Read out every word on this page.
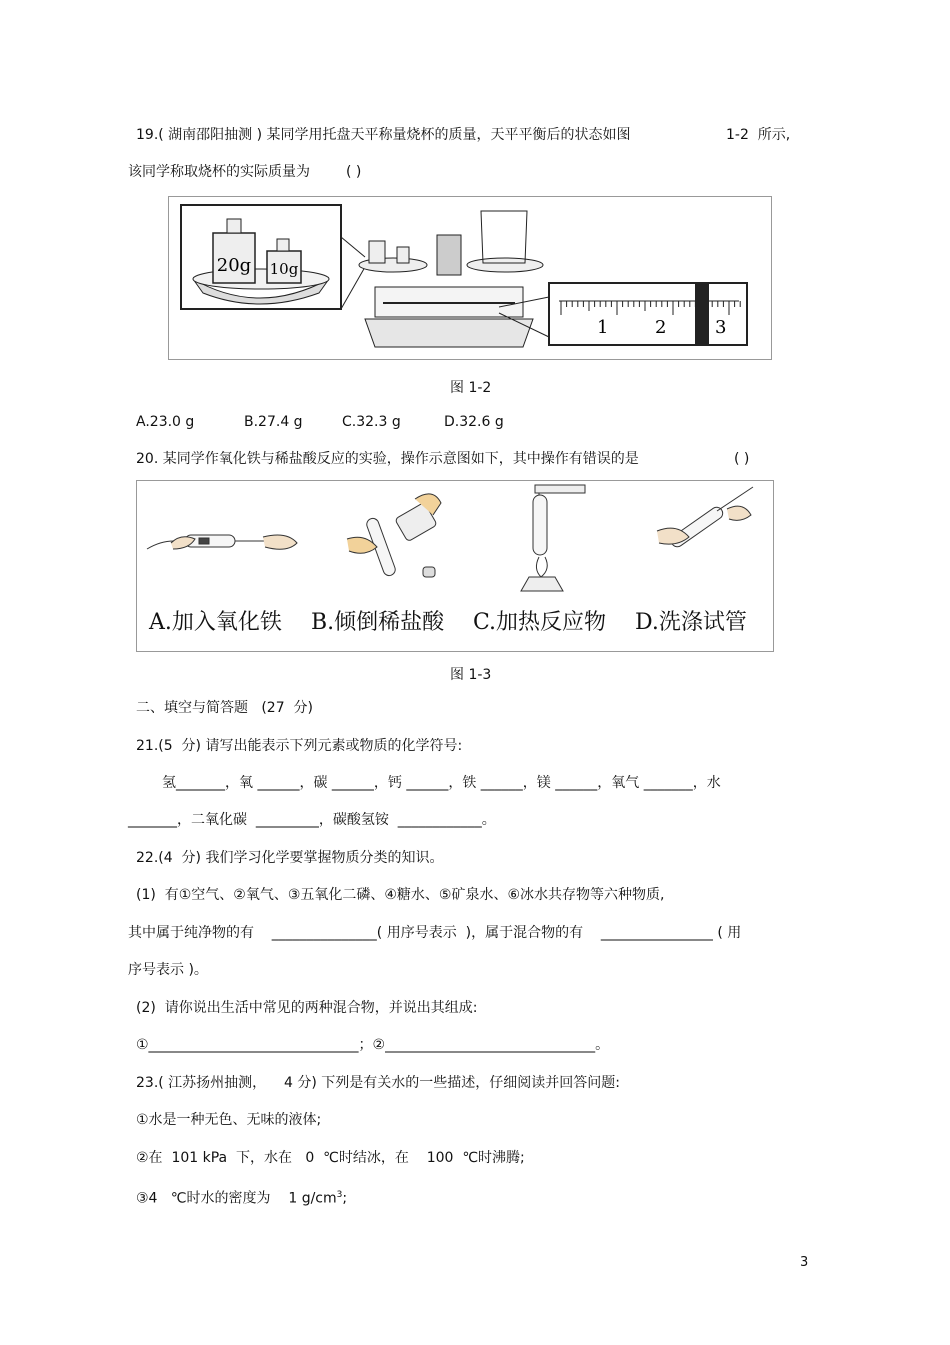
19.( 湖南邵阳抽测 ) 某同学用托盘天平称量烧杯的质量，天平平衡后的状态如图	1-2  所示,
该同学称取烧杯的实际质量为	( )
20g 10g
1	2	3
图 1-2
A.23.0 g	B.27.4 g	C.32.3 g	D.32.6 g
20. 某同学作氧化铁与稀盐酸反应的实验，操作示意图如下，其中操作有错误的是	( )
A.加入氧化铁 B.倾倒稀盐酸 C.加热反应物 D.洗涤试管
图 1-3
二、填空与简答题   (27  分)
21.(5  分) 请写出能表示下列元素或物质的化学符号:
氢_______，氧 ______，碳 ______，钙 ______，铁 ______，镁 ______，氧气 _______，水
_______，二氧化碳  _________，碳酸氢铵  ____________。
22.(4  分) 我们学习化学要掌握物质分类的知识。
(1)  有①空气、②氧气、③五氧化二磷、④糖水、⑤矿泉水、⑥冰水共存物等六种物质,
其中属于纯净物的有    _______________( 用序号表示  )，属于混合物的有    ________________ ( 用
序号表示 )。
(2)  请你说出生活中常见的两种混合物，并说出其组成:
①______________________________；②______________________________。
23.( 江苏扬州抽测，    4 分) 下列是有关水的一些描述，仔细阅读并回答问题:
①水是一种无色、无味的液体;
②在  101 kPa  下，水在   0  ℃时结冰，在    100  ℃时沸腾;
③4   ℃时水的密度为    1 $g/cm^3$;
3
